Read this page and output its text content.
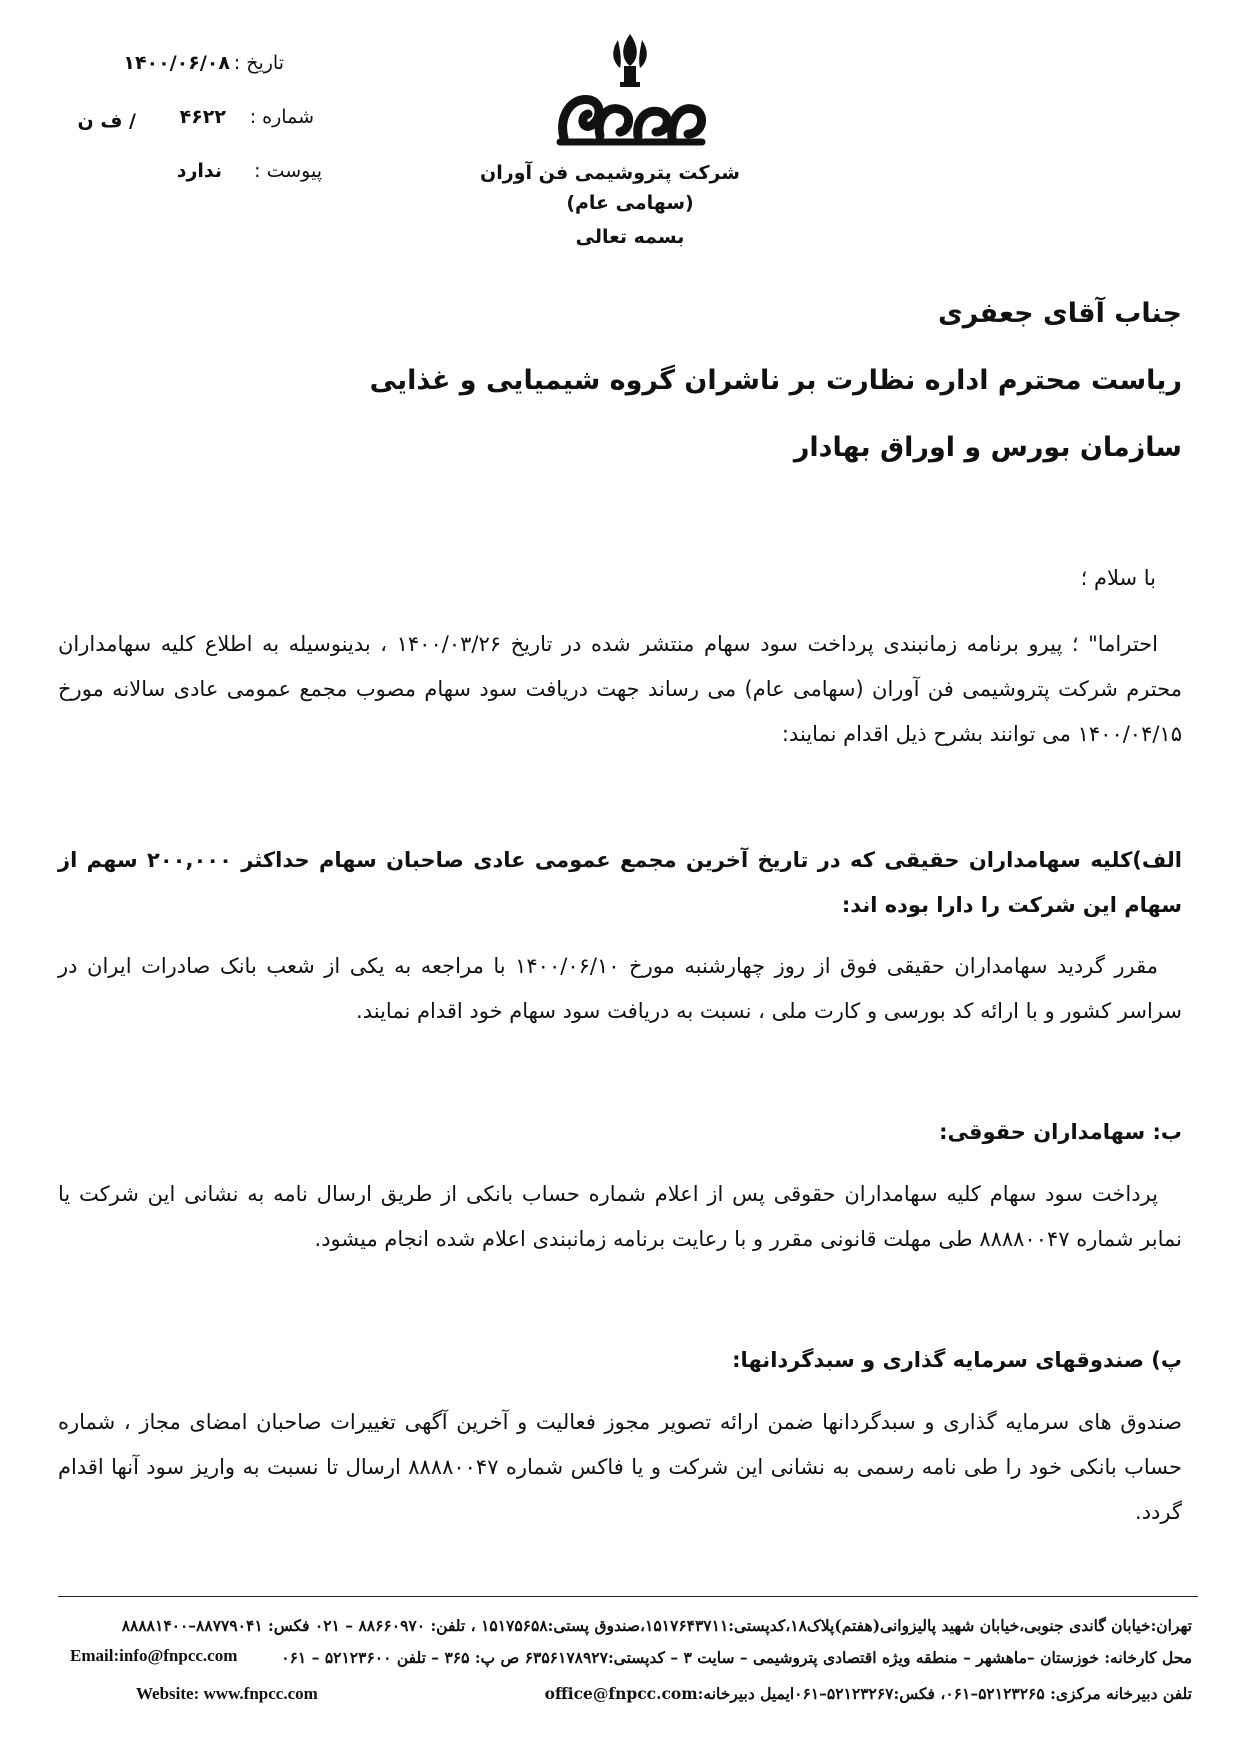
تاریخ :
۱۴۰۰/۰۶/۰۸
شماره :
۴۶۲۲
/ ف ن
پیوست :
ندارد	شرکت پتروشیمی فن آوران
(سهامی عام)
بسمه تعالی
جناب آقای جعفری
ریاست محترم اداره نظارت بر ناشران گروه شیمیایی و غذایی
سازمان بورس و اوراق بهادار
با سلام ؛
احتراما" ؛ پیرو برنامه زمانبندی پرداخت سود سهام منتشر شده در تاریخ ۱۴۰۰/۰۳/۲۶ ، بدینوسیله به اطلاع کلیه سهامداران محترم شرکت پتروشیمی فن آوران (سهامی عام) می رساند جهت دریافت سود سهام مصوب مجمع عمومی عادی سالانه مورخ ۱۴۰۰/۰۴/۱۵ می توانند بشرح ذیل اقدام نمایند:
الف)کلیه سهامداران حقیقی که در تاریخ آخرین مجمع عمومی عادی صاحبان سهام حداکثر ۲۰۰,۰۰۰ سهم از سهام این شرکت را دارا بوده اند:
مقرر گردید سهامداران حقیقی فوق از روز چهارشنبه مورخ ۱۴۰۰/۰۶/۱۰ با مراجعه به یکی از شعب بانک صادرات ایران در سراسر کشور و با ارائه کد بورسی و کارت ملی ، نسبت به دریافت سود سهام خود اقدام نمایند.
ب: سهامداران حقوقی:
پرداخت سود سهام کلیه سهامداران حقوقی پس از اعلام شماره حساب بانکی از طریق ارسال نامه به نشانی این شرکت یا نمابر شماره ۸۸۸۸۰۰۴۷ طی مهلت قانونی مقرر و با رعایت برنامه زمانبندی اعلام شده انجام میشود.
پ) صندوقهای سرمایه گذاری و سبدگردانها:
صندوق های سرمایه گذاری و سبدگردانها ضمن ارائه تصویر مجوز فعالیت و آخرین آگهی تغییرات صاحبان امضای مجاز ، شماره حساب بانکی خود را طی نامه رسمی به نشانی این شرکت و یا فاکس شماره ۸۸۸۸۰۰۴۷ ارسال تا نسبت به واریز سود آنها اقدام گردد.
تهران:خیابان گاندی جنوبی،خیابان شهید پالیزوانی(هفتم)پلاک۱۸،کدپستی:۱۵۱۷۶۴۳۷۱۱،صندوق پستی:۱۵۱۷۵۶۵۸ ، تلفن: ۸۸۶۶۰۹۷۰ – ۰۲۱ فکس: ۸۸۷۷۹۰۴۱–۸۸۸۸۱۴۰۰
محل کارخانه: خوزستان –ماهشهر – منطقه ویژه اقتصادی پتروشیمی – سایت ۳ – کدپستی:۶۳۵۶۱۷۸۹۲۷ ص پ: ۳۶۵ – تلفن ۵۲۱۲۳۶۰۰ – ۰۶۱
Email:info@fnpcc.com
تلفن دبیرخانه مرکزی: ۵۲۱۲۳۲۶۵–۰۶۱، فکس:۵۲۱۲۳۲۶۷–۰۶۱ایمیل دبیرخانه:office@fnpcc.com
Website: www.fnpcc.com
